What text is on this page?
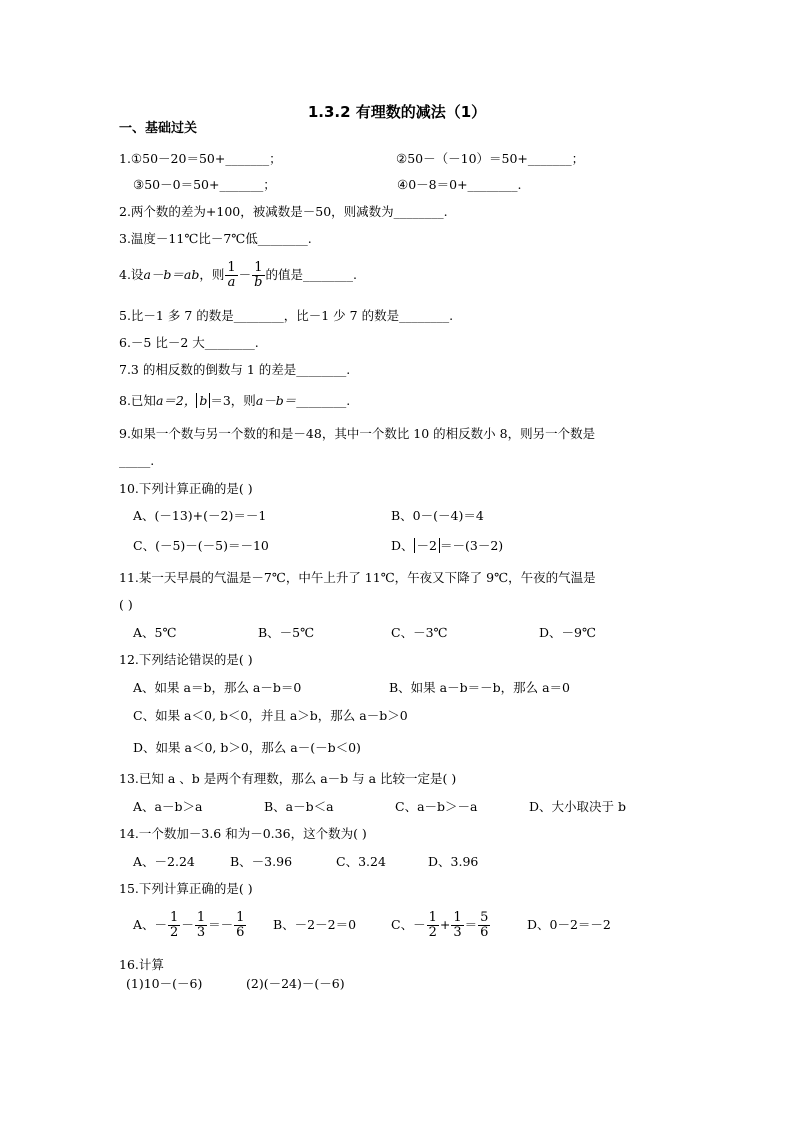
1.3.2 有理数的减法（1）
一、基础过关
1.①50－20＝50+_______；	②50－（－10）＝50+_______；
③50－0＝50+_______；	④0－8＝0+________.
2.两个数的差为+100，被减数是－50，则减数为________.
3.温度－11℃比－7℃低________.
4.设a－b＝ab，则 $\frac{1}{a} - \frac{1}{b}$ 的值是________.
5.比－1 多 7 的数是________，比－1 少 7 的数是________.
6.－5 比－2 大________.
7.3 的相反数的倒数与 1 的差是________.
8.已知a＝2， b ＝3，则a－b＝________.
9.如果一个数与另一个数的和是－48，其中一个数比 10 的相反数小 8，则另一个数是
_____.
10.下列计算正确的是( )
A、(－13)+(－2)＝－1	B、0－(－4)＝4
C、(－5)－(－5)＝－10	D、 －2 ＝－(3－2)
11.某一天早晨的气温是－7℃，中午上升了 11℃，午夜又下降了 9℃，午夜的气温是
( )
A、5℃	B、－5℃	C、－3℃	D、－9℃
12.下列结论错误的是( )
A、如果 a＝b，那么 a－b＝0	B、如果 a－b＝－b，那么 a＝0
C、如果 a＜0, b＜0，并且 a＞b，那么 a－b＞0
D、如果 a＜0, b＞0，那么 a－(－b＜0)
13.已知 a 、b 是两个有理数，那么 a－b 与 a 比较一定是( )
A、a－b＞a	B、a－b＜a	C、a－b＞－a	D、大小取决于 b
14.一个数加－3.6 和为－0.36，这个数为( )
A、－2.24	B、－3.96	C、3.24	D、3.96
15.下列计算正确的是( )
A、－ $\frac{1}{2} - \frac{1}{3} =- \frac{1}{6}$ B、－2－2＝0	C、－ $\frac{1}{2} + \frac{1}{3} = \frac{5}{6}$	D、0－2＝－2
16.计算
(1)10－(－6)	(2)(－24)－(－6)
